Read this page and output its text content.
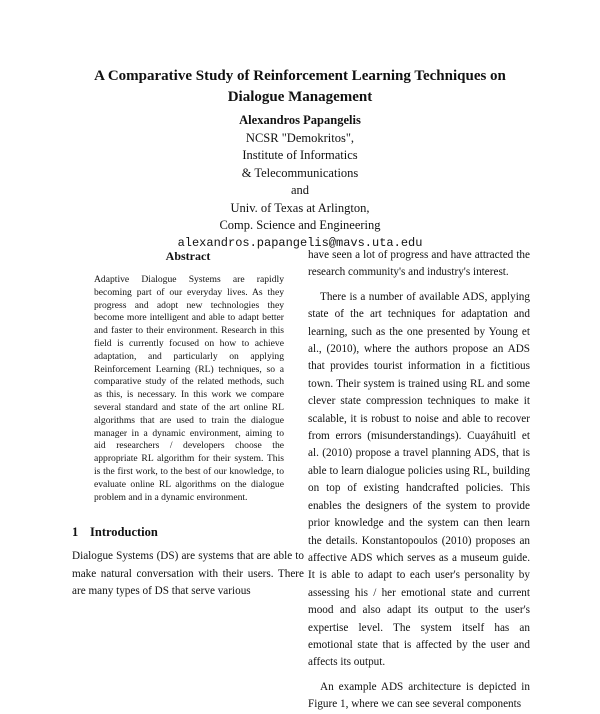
A Comparative Study of Reinforcement Learning Techniques on
Dialogue Management
Alexandros Papangelis
NCSR "Demokritos",
Institute of Informatics
& Telecommunications
and
Univ. of Texas at Arlington,
Comp. Science and Engineering
alexandros.papangelis@mavs.uta.edu
Abstract
Adaptive Dialogue Systems are rapidly becoming part of our everyday lives. As they progress and adopt new technologies they become more intelligent and able to adapt better and faster to their environment. Research in this field is currently focused on how to achieve adaptation, and particularly on applying Reinforcement Learning (RL) techniques, so a comparative study of the related methods, such as this, is necessary. In this work we compare several standard and state of the art online RL algorithms that are used to train the dialogue manager in a dynamic environment, aiming to aid researchers / developers choose the appropriate RL algorithm for their system. This is the first work, to the best of our knowledge, to evaluate online RL algorithms on the dialogue problem and in a dynamic environment.
1 Introduction
Dialogue Systems (DS) are systems that are able to make natural conversation with their users. There are many types of DS that serve various

have seen a lot of progress and have attracted the research community's and industry's interest.

There is a number of available ADS, applying state of the art techniques for adaptation and learning, such as the one presented by Young et al., (2010), where the authors propose an ADS that provides tourist information in a fictitious town. Their system is trained using RL and some clever state compression techniques to make it scalable, it is robust to noise and able to recover from errors (misunderstandings). Cuayáhuitl et al. (2010) propose a travel planning ADS, that is able to learn dialogue policies using RL, building on top of existing handcrafted policies. This enables the designers of the system to provide prior knowledge and the system can then learn the details. Konstantopoulos (2010) proposes an affective ADS which serves as a museum guide. It is able to adapt to each user's personality by assessing his / her emotional state and current mood and also adapt its output to the user's expertise level. The system itself has an emotional state that is affected by the user and affects its output.

An example ADS architecture is depicted in Figure 1, where we can see several components
